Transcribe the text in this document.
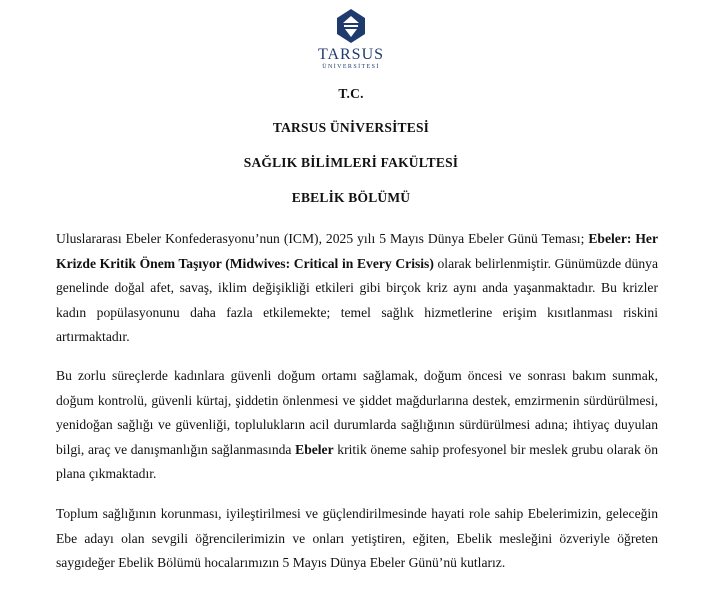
TARSUS
ÜNİVERSİTESİ
T.C.
TARSUS ÜNİVERSİTESİ
SAĞLIK BİLİMLERİ FAKÜLTESİ
EBELİK BÖLÜMÜ
Uluslararası Ebeler Konfederasyonu’nun (ICM), 2025 yılı 5 Mayıs Dünya Ebeler Günü Teması; Ebeler: Her Krizde Kritik Önem Taşıyor (Midwives: Critical in Every Crisis) olarak belirlenmiştir. Günümüzde dünya genelinde doğal afet, savaş, iklim değişikliği etkileri gibi birçok kriz aynı anda yaşanmaktadır. Bu krizler kadın popülasyonunu daha fazla etkilemekte; temel sağlık hizmetlerine erişim kısıtlanması riskini artırmaktadır.
Bu zorlu süreçlerde kadınlara güvenli doğum ortamı sağlamak, doğum öncesi ve sonrası bakım sunmak, doğum kontrolü, güvenli kürtaj, şiddetin önlenmesi ve şiddet mağdurlarına destek, emzirmenin sürdürülmesi, yenidoğan sağlığı ve güvenliği, toplulukların acil durumlarda sağlığının sürdürülmesi adına; ihtiyaç duyulan bilgi, araç ve danışmanlığın sağlanmasında Ebeler kritik öneme sahip profesyonel bir meslek grubu olarak ön plana çıkmaktadır.
Toplum sağlığının korunması, iyileştirilmesi ve güçlendirilmesinde hayati role sahip Ebelerimizin, geleceğin Ebe adayı olan sevgili öğrencilerimizin ve onları yetiştiren, eğiten, Ebelik mesleğini özveriyle öğreten saygıdeğer Ebelik Bölümü hocalarımızın 5 Mayıs Dünya Ebeler Günü’nü kutlarız.
